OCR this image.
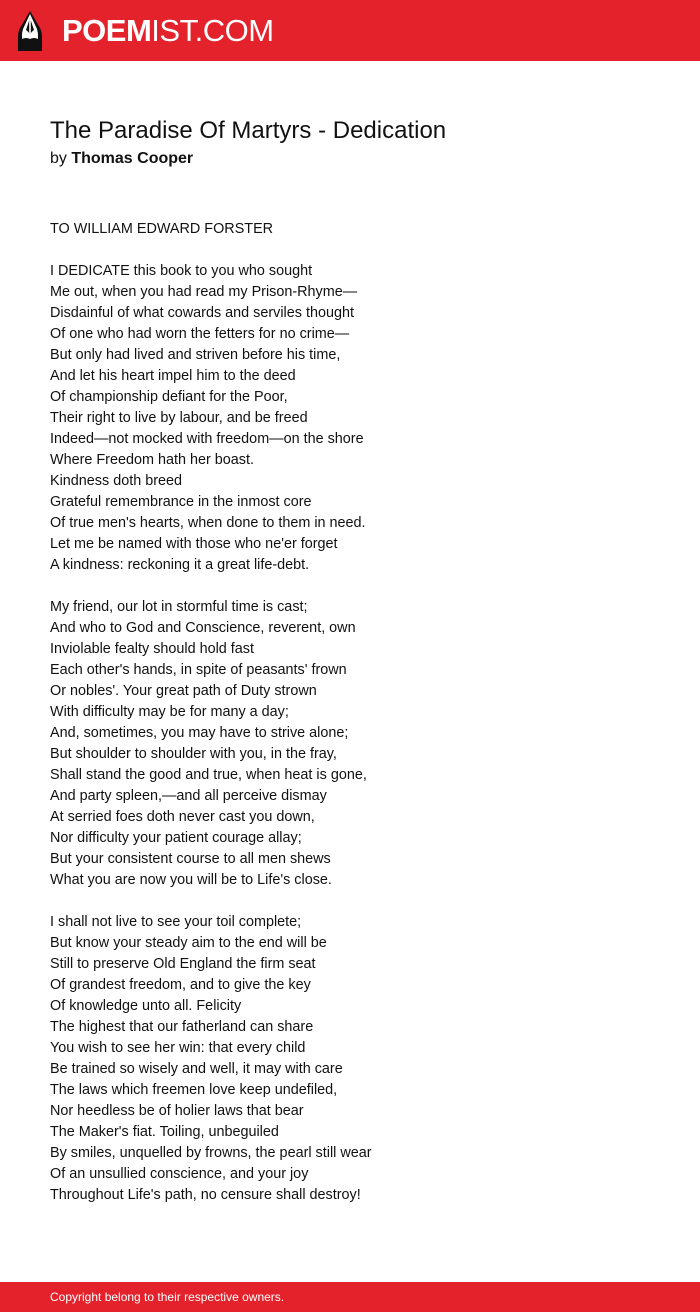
POEMIST.COM
The Paradise Of Martyrs - Dedication
by Thomas Cooper
TO WILLIAM EDWARD FORSTER
I DEDICATE this book to you who sought
Me out, when you had read my Prison-Rhyme—
Disdainful of what cowards and serviles thought
Of one who had worn the fetters for no crime—
But only had lived and striven before his time,
And let his heart impel him to the deed
Of championship defiant for the Poor,
Their right to live by labour, and be freed
Indeed—not mocked with freedom—on the shore
Where Freedom hath her boast.
Kindness doth breed
Grateful remembrance in the inmost core
Of true men's hearts, when done to them in need.
Let me be named with those who ne'er forget
A kindness: reckoning it a great life-debt.
My friend, our lot in stormful time is cast;
And who to God and Conscience, reverent, own
Inviolable fealty should hold fast
Each other's hands, in spite of peasants' frown
Or nobles'. Your great path of Duty strown
With difficulty may be for many a day;
And, sometimes, you may have to strive alone;
But shoulder to shoulder with you, in the fray,
Shall stand the good and true, when heat is gone,
And party spleen,—and all perceive dismay
At serried foes doth never cast you down,
Nor difficulty your patient courage allay;
But your consistent course to all men shews
What you are now you will be to Life's close.
I shall not live to see your toil complete;
But know your steady aim to the end will be
Still to preserve Old England the firm seat
Of grandest freedom, and to give the key
Of knowledge unto all. Felicity
The highest that our fatherland can share
You wish to see her win: that every child
Be trained so wisely and well, it may with care
The laws which freemen love keep undefiled,
Nor heedless be of holier laws that bear
The Maker's fiat. Toiling, unbeguiled
By smiles, unquelled by frowns, the pearl still wear
Of an unsullied conscience, and your joy
Throughout Life's path, no censure shall destroy!
Copyright belong to their respective owners.
